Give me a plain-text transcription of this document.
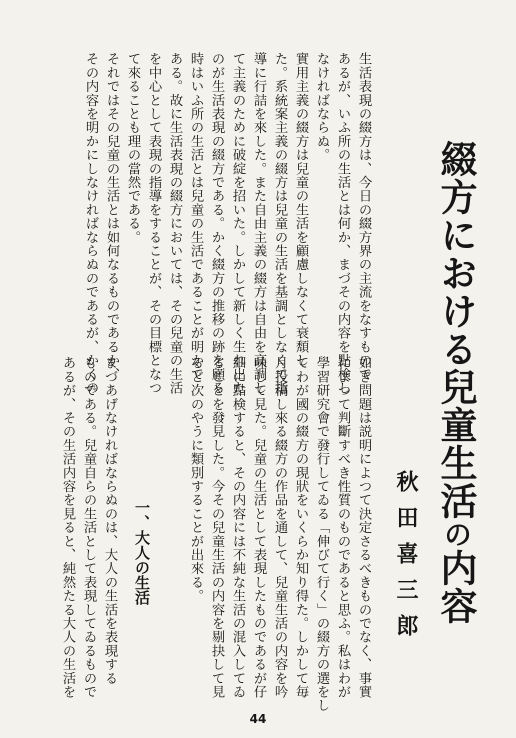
綴方における兒童生活の内容
秋田喜三郎

生活表現の綴方は、今日の綴方界の主流をなすもので

あるが、いふ所の生活とは何か、まづその内容を點検し

なければならぬ。

實用主義の綴方は兒童の生活を顧慮しなくて衰頽し

た。系統案主義の綴方は兒童の生活を基調としなくて指

導に行詰を來した。また自由主義の綴方は自由を高調し

て主義のために破綻を招いた。しかして新しく生れ出た

のが生活表現の綴方である。かく綴方の推移の跡を顧る

時はいふ所の生活とは兒童の生活であることが明かで

ある。故に生活表現の綴方においては、その兒童の生活

を中心として表現の指導をすることが、その目標となつ

て來ることも理の當然である。

それではその兒童の生活とは如何なるものであるか、

その内容を明かにしなければならぬのであるが、かくの

如き問題は説明によつて決定さるべきものでなく、事實

によつて判斷すべき性質のものであると思ふ。私はわが

學習研究會で發行してゐる「伸びて行く」の綴方の選をし

てわが國の綴方の現狀をいくらか知り得た。しかして毎

月投稿し來る綴方の作品を通して、兒童生活の内容を吟

味して見た。兒童の生活として表現したものであるが仔

細に點検すると、その内容には不純な生活の混入してゐ

ることを發見した。今その兒童生活の内容を剔抉して見

ると次のやうに類別することが出來る。

一、大人の生活

まづあげなければならぬのは、大人の生活を表現する

ものである。兒童自らの生活として表現してゐるもので

あるが、その生活内容を見ると、純然たる大人の生活を

44
